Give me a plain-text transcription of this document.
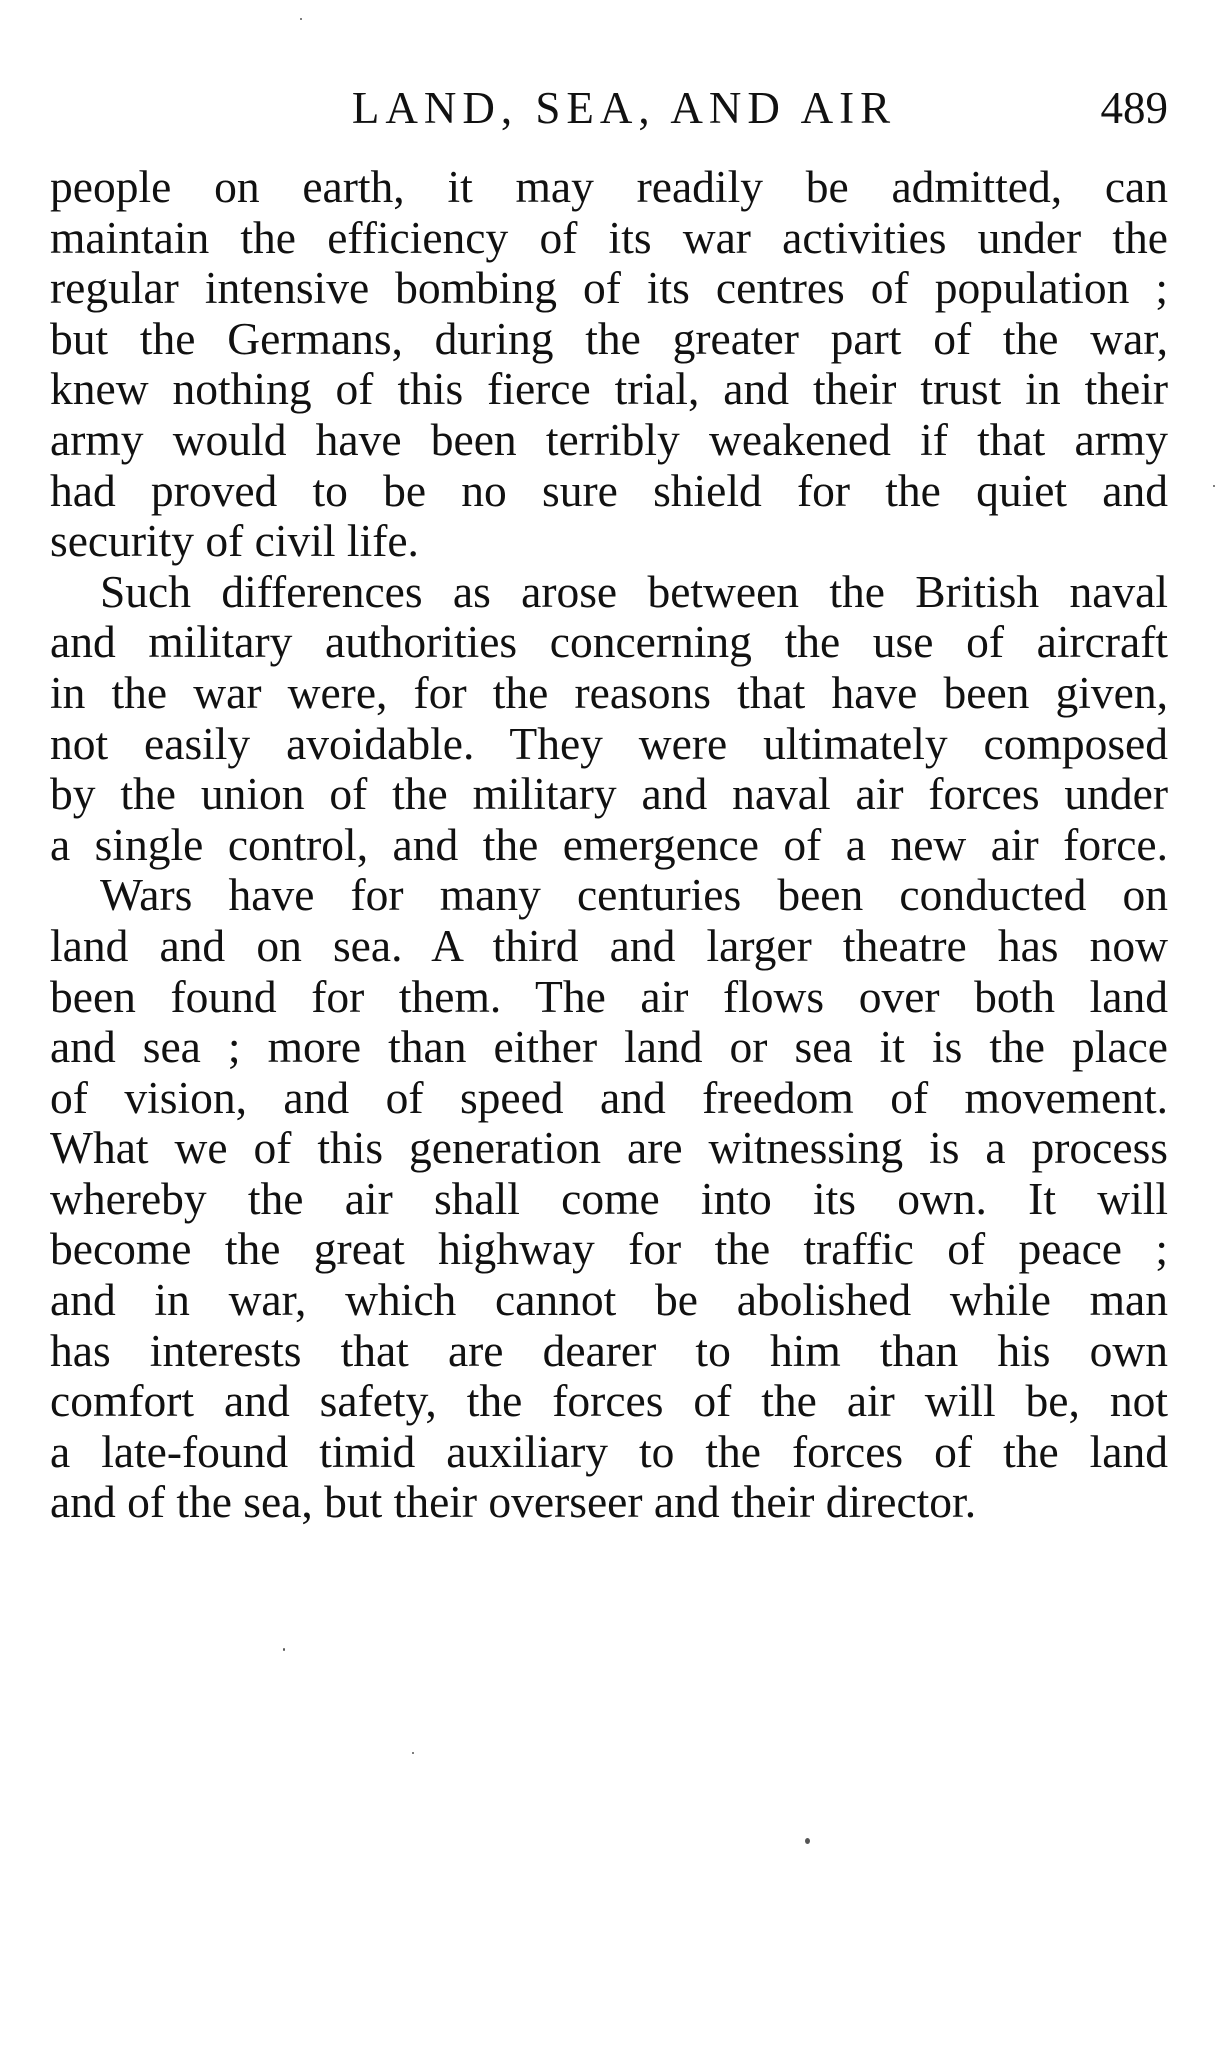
LAND, SEA, AND AIR	489
people on earth, it may readily be admitted, can
maintain the efficiency of its war activities under the
regular intensive bombing of its centres of population ;
but the Germans, during the greater part of the war,
knew nothing of this fierce trial, and their trust in their
army would have been terribly weakened if that army
had proved to be no sure shield for the quiet and
security of civil life.
Such differences as arose between the British naval
and military authorities concerning the use of aircraft
in the war were, for the reasons that have been given,
not easily avoidable. They were ultimately composed
by the union of the military and naval air forces under
a single control, and the emergence of a new air force.
Wars have for many centuries been conducted on
land and on sea. A third and larger theatre has now
been found for them. The air flows over both land
and sea ; more than either land or sea it is the place
of vision, and of speed and freedom of movement.
What we of this generation are witnessing is a process
whereby the air shall come into its own. It will
become the great highway for the traffic of peace ;
and in war, which cannot be abolished while man
has interests that are dearer to him than his own
comfort and safety, the forces of the air will be, not
a late-found timid auxiliary to the forces of the land
and of the sea, but their overseer and their director.
